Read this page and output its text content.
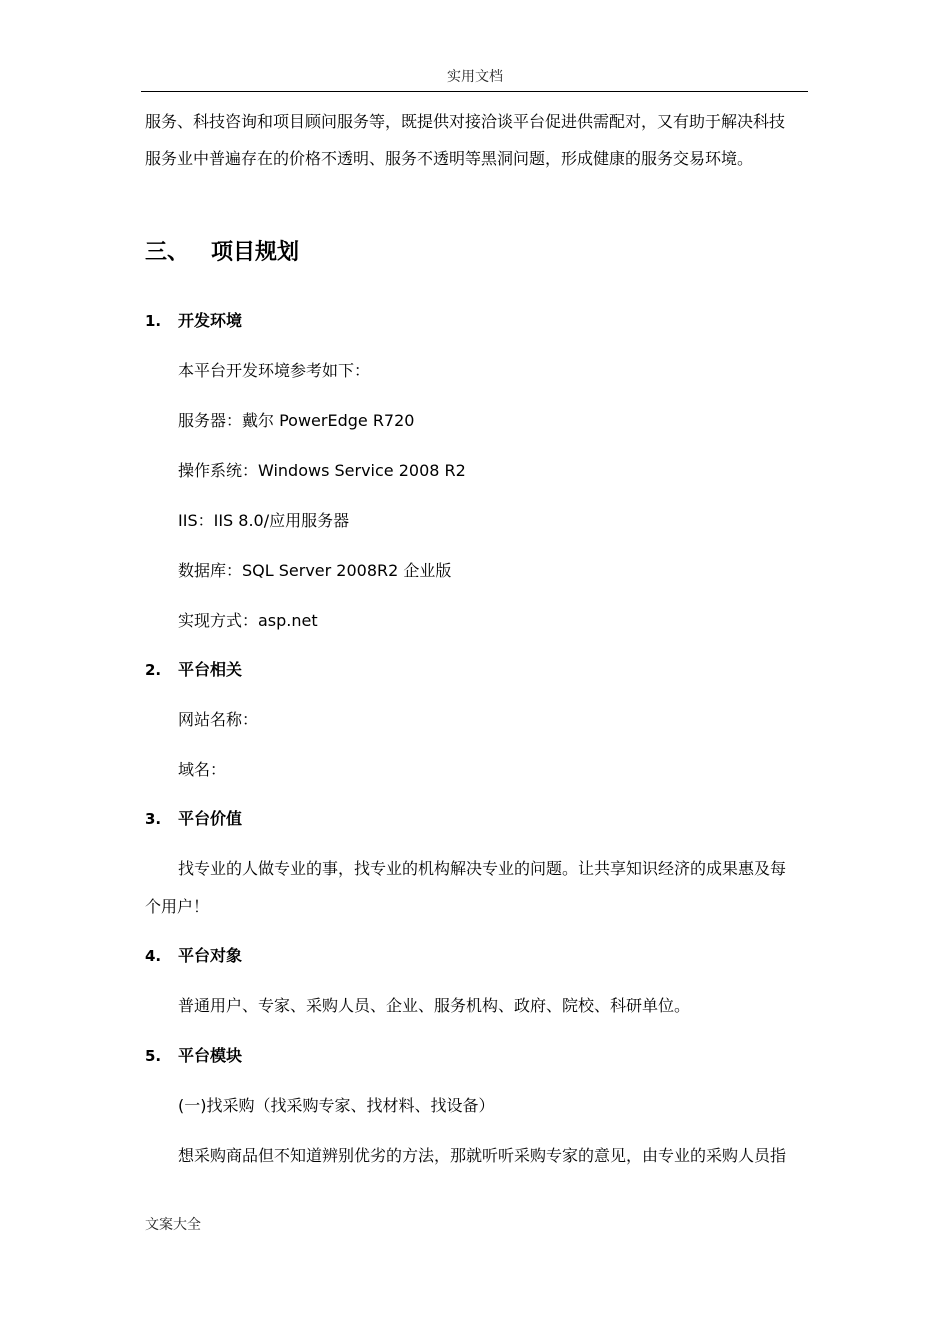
实用文档
服务、科技咨询和项目顾问服务等，既提供对接洽谈平台促进供需配对，又有助于解决科技
服务业中普遍存在的价格不透明、服务不透明等黑洞问题，形成健康的服务交易环境。
三、 项目规划
1. 开发环境
本平台开发环境参考如下：
服务器：戴尔 PowerEdge R720
操作系统：Windows Service 2008 R2
IIS：IIS 8.0/应用服务器
数据库：SQL Server 2008R2 企业版
实现方式：asp.net
2. 平台相关
网站名称：
域名：
3. 平台价值
找专业的人做专业的事，找专业的机构解决专业的问题。让共享知识经济的成果惠及每
个用户！
4. 平台对象
普通用户、专家、采购人员、企业、服务机构、政府、院校、科研单位。
5. 平台模块
(一)找采购（找采购专家、找材料、找设备）
想采购商品但不知道辨别优劣的方法，那就听听采购专家的意见，由专业的采购人员指
文案大全
